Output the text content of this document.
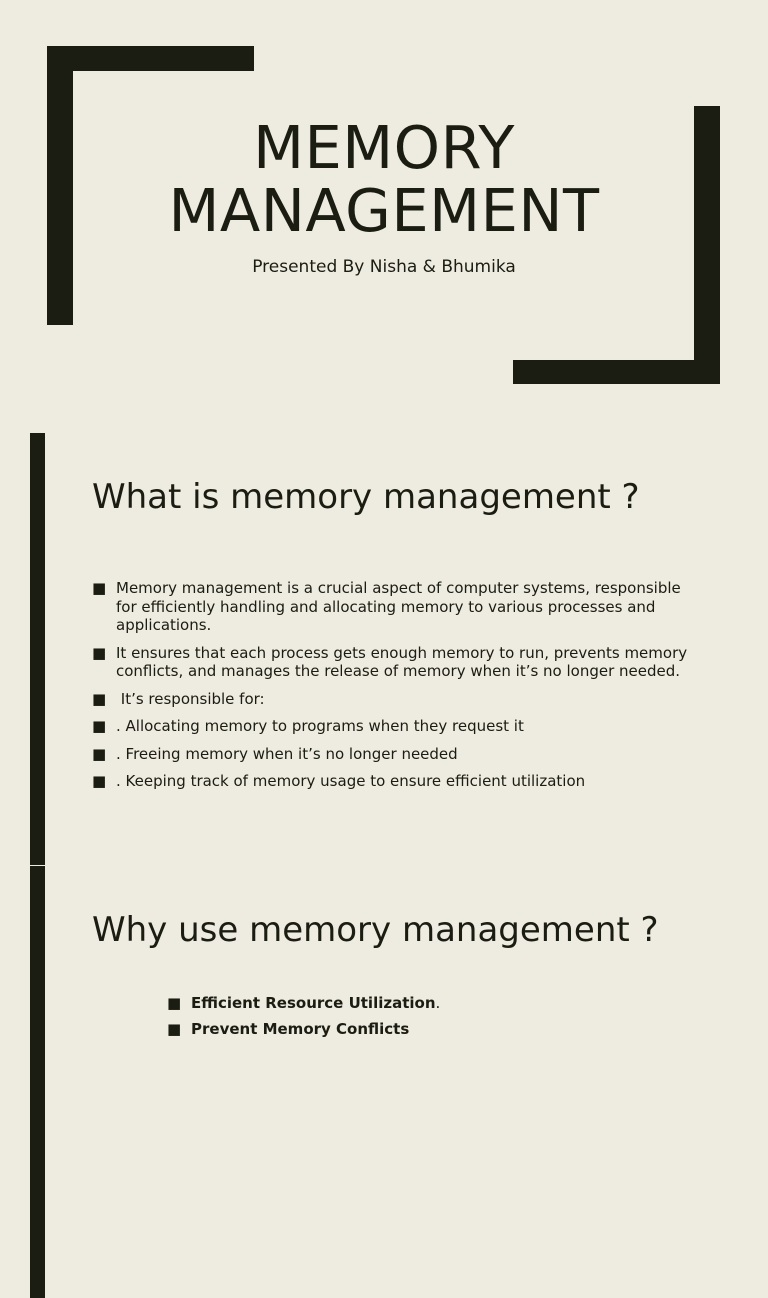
MEMORY
MANAGEMENT
Presented By Nisha & Bhumika
What is memory management ?
■ Memory management is a crucial aspect of computer systems, responsible for efficiently handling and allocating memory to various processes and applications.
■ It ensures that each process gets enough memory to run, prevents memory conflicts, and manages the release of memory when it’s no longer needed.
■ It’s responsible for:
■ . Allocating memory to programs when they request it
■ . Freeing memory when it’s no longer needed
■ . Keeping track of memory usage to ensure efficient utilization
Why use memory management ?
■ Efficient Resource Utilization.
■ Prevent Memory Conflicts
